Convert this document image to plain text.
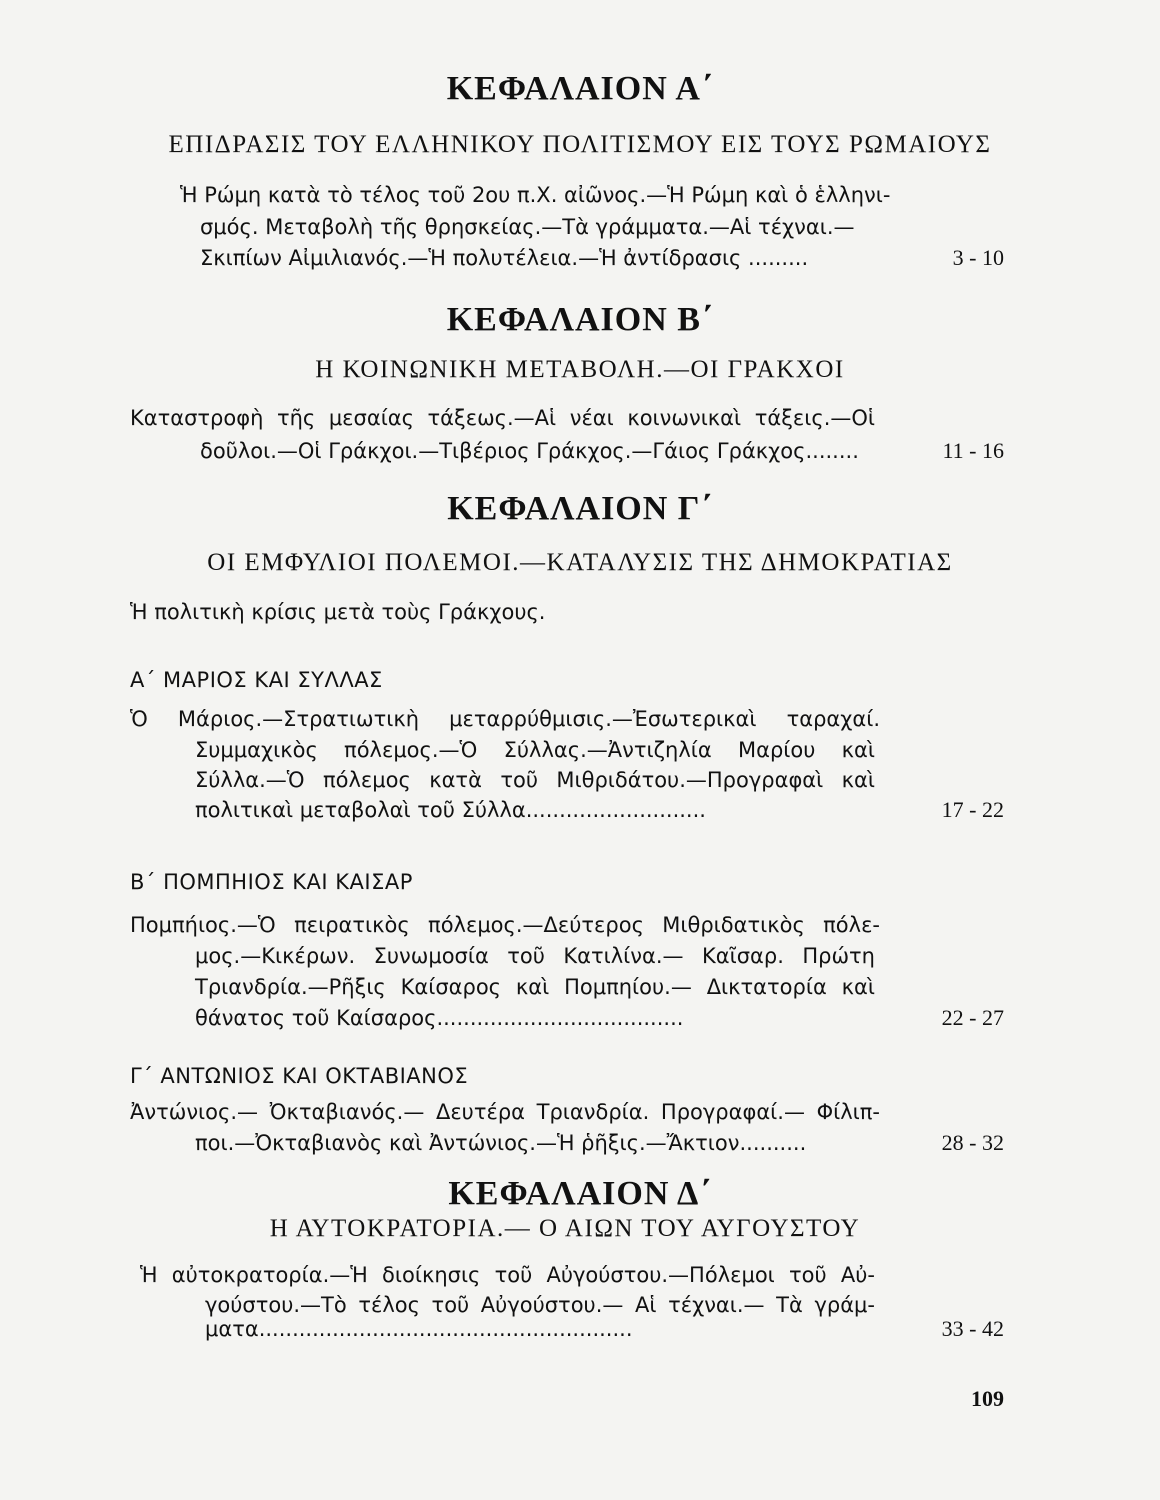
ΚΕΦΑΛΑΙΟΝ Α΄
ΕΠΙΔΡΑΣΙΣ ΤΟΥ ΕΛΛΗΝΙΚΟΥ ΠΟΛΙΤΙΣΜΟΥ ΕΙΣ ΤΟΥΣ ΡΩΜΑΙΟΥΣ
Ἡ Ρώμη κατὰ τὸ τέλος τοῦ 2ου π.Χ. αἰῶνος.—Ἡ Ρώμη καὶ ὁ ἑλληνι-
σμός. Μεταβολὴ τῆς θρησκείας.—Τὰ γράμματα.—Αἱ τέχναι.—
Σκιπίων Αἰμιλιανός.—Ἡ πολυτέλεια.—Ἡ ἀντίδρασις .........	3 - 10
ΚΕΦΑΛΑΙΟΝ Β΄
Η ΚΟΙΝΩΝΙΚΗ ΜΕΤΑΒΟΛΗ.—ΟΙ ΓΡΑΚΧΟΙ
Καταστροφὴ τῆς μεσαίας τάξεως.—Αἱ νέαι κοινωνικαὶ τάξεις.—Οἱ
δοῦλοι.—Οἱ Γράκχοι.—Τιβέριος Γράκχος.—Γάιος Γράκχος........	11 - 16
ΚΕΦΑΛΑΙΟΝ Γ΄
ΟΙ ΕΜΦΥΛΙΟΙ ΠΟΛΕΜΟΙ.—ΚΑΤΑΛΥΣΙΣ ΤΗΣ ΔΗΜΟΚΡΑΤΙΑΣ
Ἡ πολιτικὴ κρίσις μετὰ τοὺς Γράκχους.
Α΄ ΜΑΡΙΟΣ ΚΑΙ ΣΥΛΛΑΣ
Ὁ Μάριος.—Στρατιωτικὴ μεταρρύθμισις.—Ἐσωτερικαὶ ταραχαί.
Συμμαχικὸς πόλεμος.—Ὁ Σύλλας.—Ἀντιζηλία Μαρίου καὶ
Σύλλα.—Ὁ πόλεμος κατὰ τοῦ Μιθριδάτου.—Προγραφαὶ καὶ
πολιτικαὶ μεταβολαὶ τοῦ Σύλλα...........................	17 - 22
Β΄ ΠΟΜΠΗΙΟΣ ΚΑΙ ΚΑΙΣΑΡ
Πομπήιος.—Ὁ πειρατικὸς πόλεμος.—Δεύτερος Μιθριδατικὸς πόλε-
μος.—Κικέρων. Συνωμοσία τοῦ Κατιλίνα.— Καῖσαρ. Πρώτη
Τριανδρία.—Ρῆξις Καίσαρος καὶ Πομπηίου.— Δικτατορία καὶ
θάνατος τοῦ Καίσαρος.....................................	22 - 27
Γ΄ ΑΝΤΩΝΙΟΣ ΚΑΙ ΟΚΤΑΒΙΑΝΟΣ
Ἀντώνιος.— Ὀκταβιανός.— Δευτέρα Τριανδρία. Προγραφαί.— Φίλιπ-
ποι.—Ὀκταβιανὸς καὶ Ἀντώνιος.—Ἡ ῥῆξις.—Ἄκτιον..........	28 - 32
ΚΕΦΑΛΑΙΟΝ Δ΄
Η ΑΥΤΟΚΡΑΤΟΡΙΑ.— Ο ΑΙΩΝ ΤΟΥ ΑΥΓΟΥΣΤΟΥ
Ἡ αὐτοκρατορία.—Ἡ διοίκησις τοῦ Αὐγούστου.—Πόλεμοι τοῦ Αὐ-
γούστου.—Τὸ τέλος τοῦ Αὐγούστου.— Αἱ τέχναι.— Τὰ γράμ-
ματα........................................................	33 - 42
109
